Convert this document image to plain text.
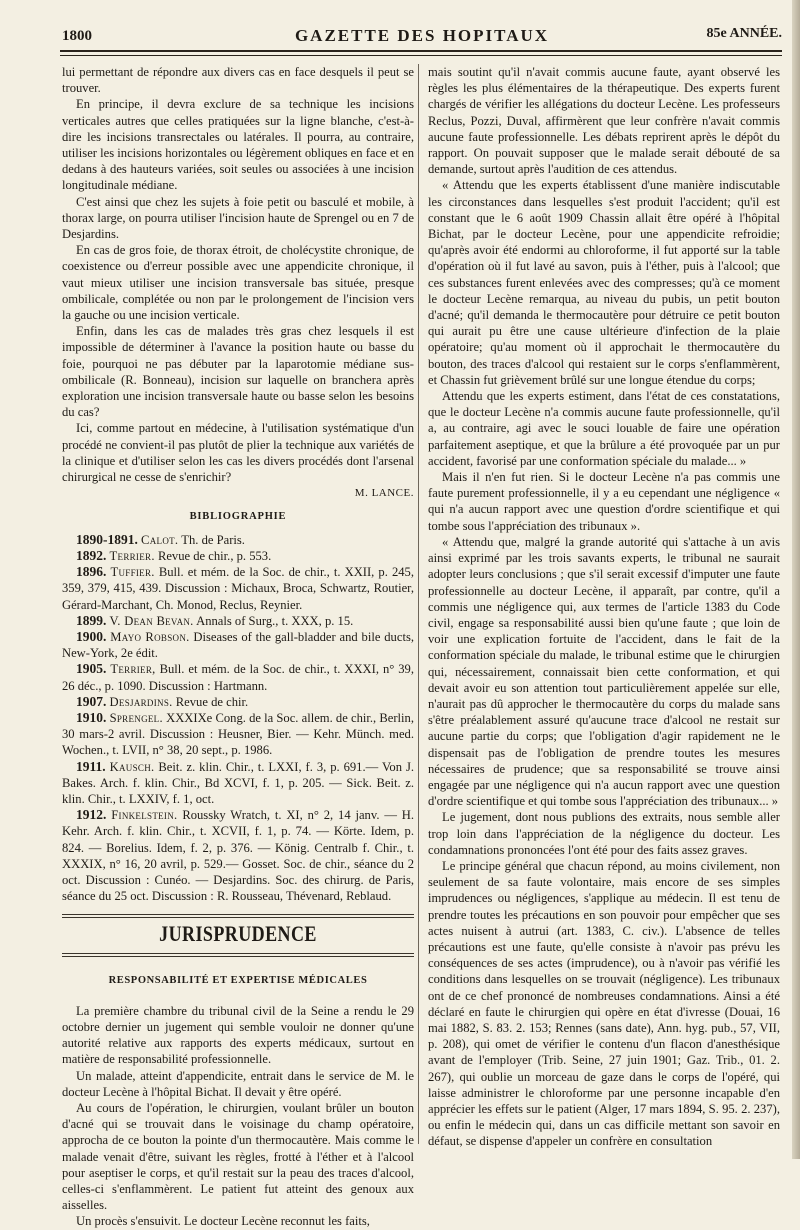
1800	GAZETTE DES HOPITAUX	85e ANNÉE.

lui permettant de répondre aux divers cas en face desquels il peut se trouver.

En principe, il devra exclure de sa technique les incisions verticales autres que celles pratiquées sur la ligne blanche, c'est-à-dire les incisions transrectales ou latérales. Il pourra, au contraire, utiliser les incisions horizontales ou légèrement obliques en face et en dedans à des hauteurs variées, soit seules ou associées à une incision longitudinale médiane.

C'est ainsi que chez les sujets à foie petit ou basculé et mobile, à thorax large, on pourra utiliser l'incision haute de Sprengel ou en 7 de Desjardins.

En cas de gros foie, de thorax étroit, de cholécystite chronique, de coexistence ou d'erreur possible avec une appendicite chronique, il vaut mieux utiliser une incision transversale bas située, presque ombilicale, complétée ou non par le prolongement de l'incision vers la gauche ou une incision verticale.

Enfin, dans les cas de malades très gras chez lesquels il est impossible de déterminer à l'avance la position haute ou basse du foie, pourquoi ne pas débuter par la laparotomie médiane sus-ombilicale (R. Bonneau), incision sur laquelle on branchera après exploration une incision transversale haute ou basse selon les besoins du cas?

Ici, comme partout en médecine, à l'utilisation systématique d'un procédé ne convient-il pas plutôt de plier la technique aux variétés de la clinique et d'utiliser selon les cas les divers procédés dont l'arsenal chirurgical ne cesse de s'enrichir?

M. LANCE.
BIBLIOGRAPHIE

1890-1891. Calot. Th. de Paris.

1892. Terrier. Revue de chir., p. 553.

1896. Tuffier. Bull. et mém. de la Soc. de chir., t. XXII, p. 245, 359, 379, 415, 439. Discussion : Michaux, Broca, Schwartz, Routier, Gérard-Marchant, Ch. Monod, Reclus, Reynier.

1899. V. Dean Bevan. Annals of Surg., t. XXX, p. 15.

1900. Mayo Robson. Diseases of the gall-bladder and bile ducts, New-York, 2e édit.

1905. Terrier, Bull. et mém. de la Soc. de chir., t. XXXI, n° 39, 26 déc., p. 1090. Discussion : Hartmann.

1907. Desjardins. Revue de chir.

1910. Sprengel. XXXIXe Cong. de la Soc. allem. de chir., Berlin, 30 mars-2 avril. Discussion : Heusner, Bier. — Kehr. Münch. med. Wochen., t. LVII, n° 38, 20 sept., p. 1986.

1911. Kausch. Beit. z. klin. Chir., t. LXXI, f. 3, p. 691.— Von J. Bakes. Arch. f. klin. Chir., Bd XCVI, f. 1, p. 205. — Sick. Beit. z. klin. Chir., t. LXXIV, f. 1, oct.

1912. Finkelstein. Roussky Wratch, t. XI, n° 2, 14 janv. — H. Kehr. Arch. f. klin. Chir., t. XCVII, f. 1, p. 74. — Körte. Idem, p. 824. — Borelius. Idem, f. 2, p. 376. — König. Centralb f. Chir., t. XXXIX, n° 16, 20 avril, p. 529.— Gosset. Soc. de chir., séance du 2 oct. Discussion : Cunéo. — Desjardins. Soc. des chirurg. de Paris, séance du 25 oct. Discussion : R. Rousseau, Thévenard, Reblaud.

JURISPRUDENCE
RESPONSABILITÉ ET EXPERTISE MÉDICALES

La première chambre du tribunal civil de la Seine a rendu le 29 octobre dernier un jugement qui semble vouloir ne donner qu'une autorité relative aux rapports des experts médicaux, surtout en matière de responsabilité professionnelle.

Un malade, atteint d'appendicite, entrait dans le service de M. le docteur Lecène à l'hôpital Bichat. Il devait y être opéré.

Au cours de l'opération, le chirurgien, voulant brûler un bouton d'acné qui se trouvait dans le voisinage du champ opératoire, approcha de ce bouton la pointe d'un thermocautère. Mais comme le malade venait d'être, suivant les règles, frotté à l'éther et à l'alcool pour aseptiser le corps, et qu'il restait sur la peau des traces d'alcool, celles-ci s'enflammèrent. Le patient fut atteint des genoux aux aisselles.

Un procès s'ensuivit. Le docteur Lecène reconnut les faits,

mais soutint qu'il n'avait commis aucune faute, ayant observé les règles les plus élémentaires de la thérapeutique. Des experts furent chargés de vérifier les allégations du docteur Lecène. Les professeurs Reclus, Pozzi, Duval, affirmèrent que leur confrère n'avait commis aucune faute professionnelle. Les débats reprirent après le dépôt du rapport. On pouvait supposer que le malade serait débouté de sa demande, surtout après l'audition de ces attendus.

« Attendu que les experts établissent d'une manière indiscutable les circonstances dans lesquelles s'est produit l'accident; qu'il est constant que le 6 août 1909 Chassin allait être opéré à l'hôpital Bichat, par le docteur Lecène, pour une appendicite refroidie; qu'après avoir été endormi au chloroforme, il fut apporté sur la table d'opération où il fut lavé au savon, puis à l'éther, puis à l'alcool; que ces substances furent enlevées avec des compresses; qu'à ce moment le docteur Lecène remarqua, au niveau du pubis, un petit bouton d'acné; qu'il demanda le thermocautère pour détruire ce petit bouton qui aurait pu être une cause ultérieure d'infection de la plaie opératoire; qu'au moment où il approchait le thermocautère du bouton, des traces d'alcool qui restaient sur le corps s'enflammèrent, et Chassin fut grièvement brûlé sur une longue étendue du corps;

Attendu que les experts estiment, dans l'état de ces constatations, que le docteur Lecène n'a commis aucune faute professionnelle, qu'il a, au contraire, agi avec le souci louable de faire une opération parfaitement aseptique, et que la brûlure a été provoquée par un pur accident, favorisé par une conformation spéciale du malade... »

Mais il n'en fut rien. Si le docteur Lecène n'a pas commis une faute purement professionnelle, il y a eu cependant une négligence « qui n'a aucun rapport avec une question d'ordre scientifique et qui tombe sous l'appréciation des tribunaux ».

« Attendu que, malgré la grande autorité qui s'attache à un avis ainsi exprimé par les trois savants experts, le tribunal ne saurait adopter leurs conclusions ; que s'il serait excessif d'imputer une faute professionnelle au docteur Lecène, il apparaît, par contre, qu'il a commis une négligence qui, aux termes de l'article 1383 du Code civil, engage sa responsabilité aussi bien qu'une faute ; que loin de voir une explication fortuite de l'accident, dans le fait de la conformation spéciale du malade, le tribunal estime que le chirurgien qui, nécessairement, connaissait bien cette conformation, et qui devait avoir eu son attention tout particulièrement appelée sur elle, n'aurait pas dû approcher le thermocautère du corps du malade sans s'être préalablement assuré qu'aucune trace d'alcool ne restait sur aucune partie du corps; que l'obligation d'agir rapidement ne le dispensait pas de l'obligation de prendre toutes les mesures nécessaires de prudence; que sa responsabilité se trouve ainsi engagée par une négligence qui n'a aucun rapport avec une question d'ordre scientifique et qui tombe sous l'appréciation des tribunaux... »

Le jugement, dont nous publions des extraits, nous semble aller trop loin dans l'appréciation de la négligence du docteur. Les condamnations prononcées l'ont été pour des faits assez graves.

Le principe général que chacun répond, au moins civilement, non seulement de sa faute volontaire, mais encore de ses simples imprudences ou négligences, s'applique au médecin. Il est tenu de prendre toutes les précautions en son pouvoir pour empêcher que ses actes nuisent à autrui (art. 1383, C. civ.). L'absence de telles précautions est une faute, qu'elle consiste à n'avoir pas prévu les conséquences de ses actes (imprudence), ou à n'avoir pas vérifié les conditions dans lesquelles on se trouvait (négligence). Les tribunaux ont de ce chef prononcé de nombreuses condamnations. Ainsi a été déclaré en faute le chirurgien qui opère en état d'ivresse (Douai, 16 mai 1882, S. 83. 2. 153; Rennes (sans date), Ann. hyg. pub., 57, VII, p. 208), qui omet de vérifier le contenu d'un flacon d'anesthésique avant de l'employer (Trib. Seine, 27 juin 1901; Gaz. Trib., 01. 2. 267), qui oublie un morceau de gaze dans le corps de l'opéré, qui laisse administrer le chloroforme par une personne incapable d'en apprécier les effets sur le patient (Alger, 17 mars 1894, S. 95. 2. 237), ou enfin le médecin qui, dans un cas difficile mettant son savoir en défaut, se dispense d'appeler un confrère en consultation
